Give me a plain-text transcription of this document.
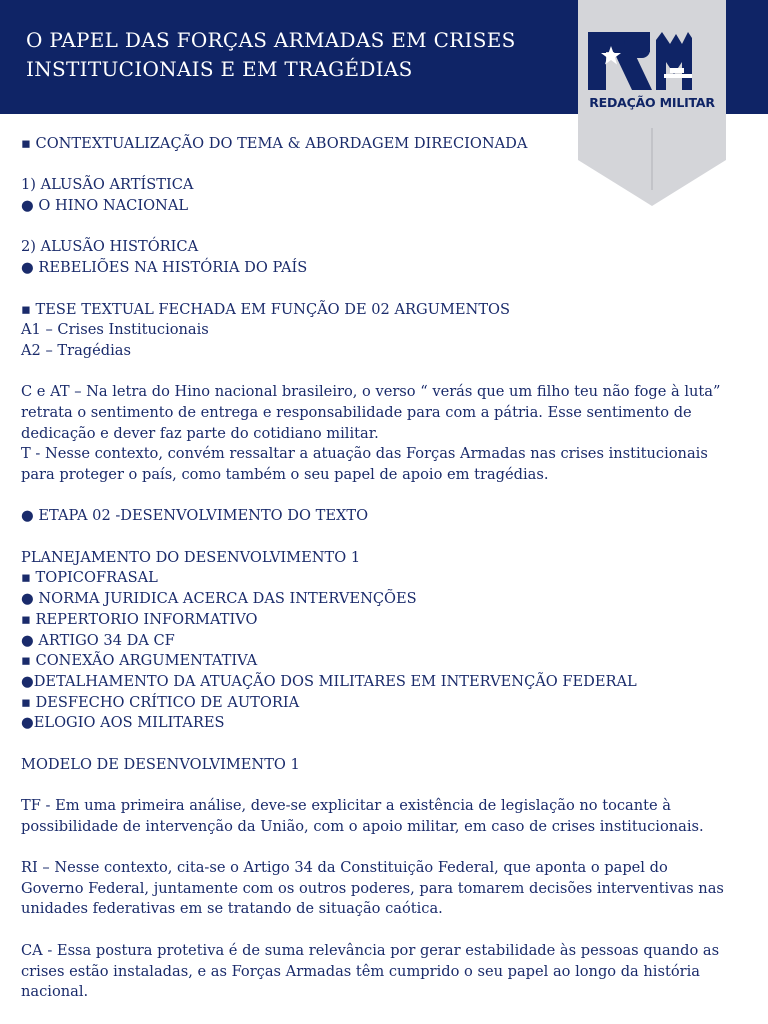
O PAPEL DAS FORÇAS ARMADAS EM CRISES
INSTITUCIONAIS E EM TRAGÉDIAS
REDAÇÃO MILITAR
▪ CONTEXTUALIZAÇÃO DO TEMA & ABORDAGEM DIRECIONADA
1) ALUSÃO ARTÍSTICA
● O HINO NACIONAL
2) ALUSÃO HISTÓRICA
● REBELIÕES NA HISTÓRIA DO PAÍS
▪ TESE TEXTUAL FECHADA EM FUNÇÃO DE 02 ARGUMENTOS
A1 – Crises Institucionais
A2 – Tragédias
C e AT – Na letra do Hino nacional brasileiro, o verso “ verás que um filho teu não foge à luta”
retrata o sentimento de entrega e responsabilidade para com a pátria. Esse sentimento de
dedicação e dever faz parte do cotidiano militar.
T - Nesse contexto, convém ressaltar a atuação das Forças Armadas nas crises institucionais
para proteger o país, como também o seu papel de apoio em tragédias.
● ETAPA 02 -DESENVOLVIMENTO DO TEXTO
PLANEJAMENTO DO DESENVOLVIMENTO 1
▪ TOPICOFRASAL
● NORMA JURIDICA ACERCA DAS INTERVENÇÕES
▪ REPERTORIO INFORMATIVO
● ARTIGO 34 DA CF
▪ CONEXÃO ARGUMENTATIVA
●DETALHAMENTO DA ATUAÇÃO DOS MILITARES EM INTERVENÇÃO FEDERAL
▪ DESFECHO CRÍTICO DE AUTORIA
●ELOGIO AOS MILITARES
MODELO DE DESENVOLVIMENTO 1
TF - Em uma primeira análise, deve-se explicitar a existência de legislação no tocante à
possibilidade de intervenção da União, com o apoio militar, em caso de crises institucionais.
RI – Nesse contexto, cita-se o Artigo 34 da Constituição Federal, que aponta o papel do
Governo Federal, juntamente com os outros poderes, para tomarem decisões interventivas nas
unidades federativas em se tratando de situação caótica.
CA - Essa postura protetiva é de suma relevância por gerar estabilidade às pessoas quando as
crises estão instaladas, e as Forças Armadas têm cumprido o seu papel ao longo da história
nacional.
